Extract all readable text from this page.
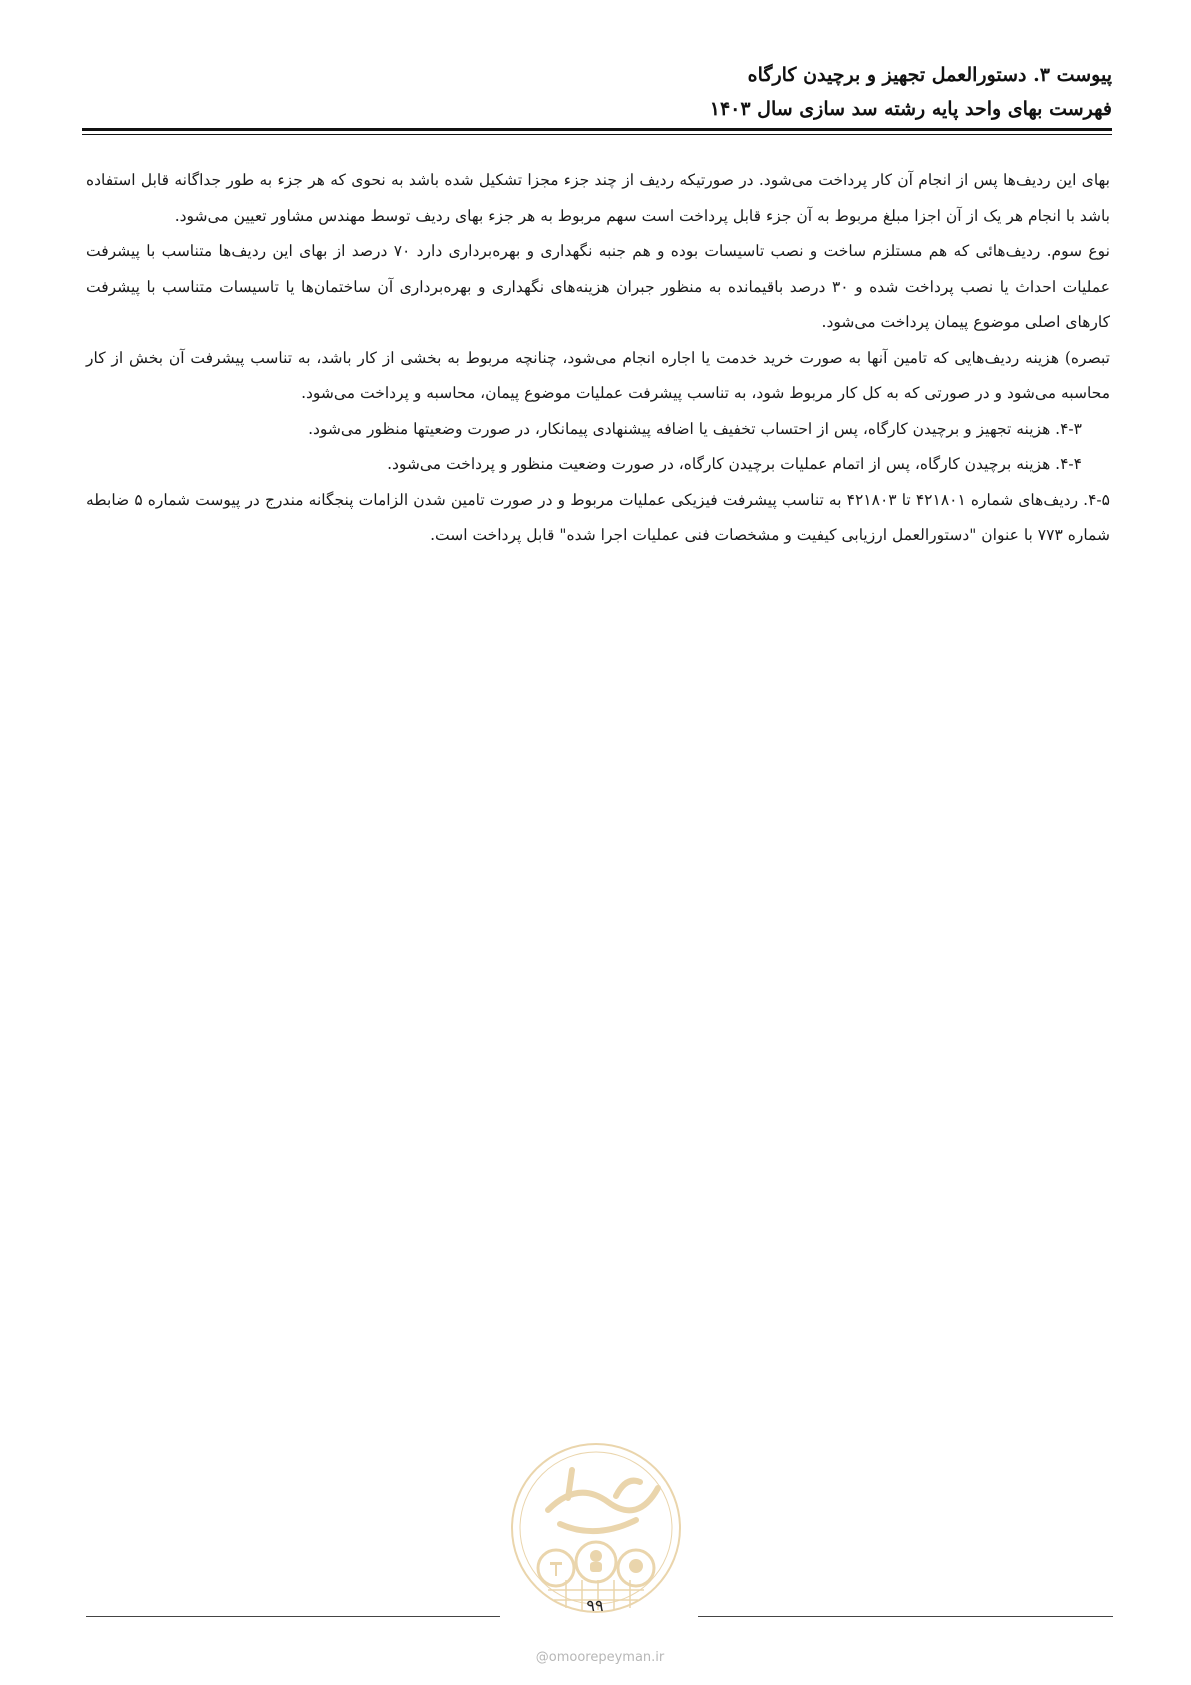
پیوست ۳. دستورالعمل تجهیز و برچیدن کارگاه
فهرست بهای واحد پایه رشته سد سازی سال ۱۴۰۳

بهای این ردیف‌ها پس از انجام آن کار پرداخت می‌شود. در صورتیکه ردیف از چند جزء مجزا تشکیل شده باشد به نحوی که هر جزء به طور جداگانه قابل استفاده باشد با انجام هر یک از آن اجزا مبلغ مربوط به آن جزء قابل پرداخت است سهم مربوط به هر جزء بهای ردیف توسط مهندس مشاور تعیین می‌شود.

نوع سوم. ردیف‌هائی که هم مستلزم ساخت و نصب تاسیسات بوده و هم جنبه نگهداری و بهره‌برداری دارد ۷۰ درصد از بهای این ردیف‌ها متناسب با پیشرفت عملیات احداث یا نصب پرداخت شده و ۳۰ درصد باقیمانده به منظور جبران هزینه‌های نگهداری و بهره‌برداری آن ساختمان‌ها یا تاسیسات متناسب با پیشرفت کارهای اصلی موضوع پیمان پرداخت می‌شود.

تبصره) هزینه ردیف‌هایی که تامین آنها به صورت خرید خدمت یا اجاره انجام می‌شود، چنانچه مربوط به بخشی از کار باشد، به تناسب پیشرفت آن بخش از کار محاسبه می‌شود و در صورتی که به کل کار مربوط شود، به تناسب پیشرفت عملیات موضوع پیمان، محاسبه و پرداخت می‌شود.

۴-۳. هزینه تجهیز و برچیدن کارگاه، پس از احتساب تخفیف یا اضافه پیشنهادی پیمانکار، در صورت وضعیتها منظور می‌شود.

۴-۴. هزینه برچیدن کارگاه، پس از اتمام عملیات برچیدن کارگاه، در صورت وضعیت منظور و پرداخت می‌شود.

۴-۵. ردیف‌های شماره ۴۲۱۸۰۱ تا ۴۲۱۸۰۳ به تناسب پیشرفت فیزیکی عملیات مربوط و در صورت تامین شدن الزامات پنجگانه مندرج در پیوست شماره ۵ ضابطه شماره ۷۷۳ با عنوان "دستورالعمل ارزیابی کیفیت و مشخصات فنی عملیات اجرا شده" قابل پرداخت است.

۹۹
@omoorepeyman.ir
